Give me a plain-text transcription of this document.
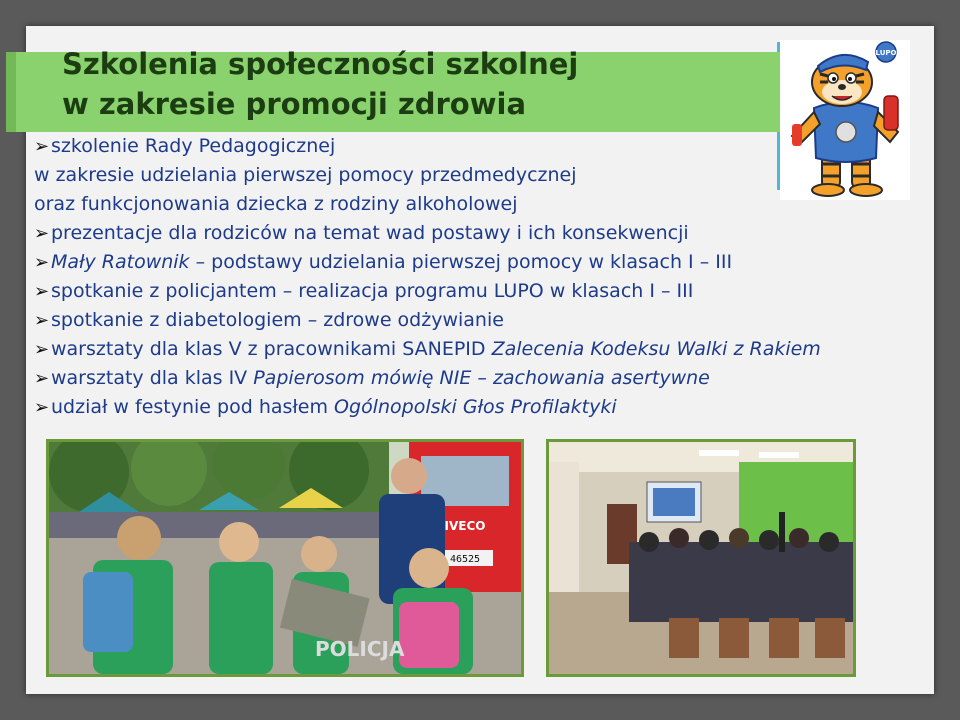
Szkolenia społeczności szkolnej
w zakresie promocji zdrowia
LUPO
➢ szkolenie Rady Pedagogicznej
w zakresie udzielania pierwszej pomocy przedmedycznej
oraz funkcjonowania dziecka z rodziny alkoholowej
➢ prezentacje dla rodziców na temat wad postawy i ich konsekwencji
➢ Mały Ratownik – podstawy udzielania pierwszej pomocy w klasach I – III
➢ spotkanie z policjantem – realizacja programu LUPO w klasach I – III
➢ spotkanie z diabetologiem – zdrowe odżywianie
➢ warsztaty dla klas V z pracownikami SANEPID Zalecenia Kodeksu Walki z Rakiem
➢ warsztaty dla klas IV Papierosom mówię NIE – zachowania asertywne
➢ udział w festynie pod hasłem Ogólnopolski Głos Profilaktyki
IVECO
46525
POLICJA
